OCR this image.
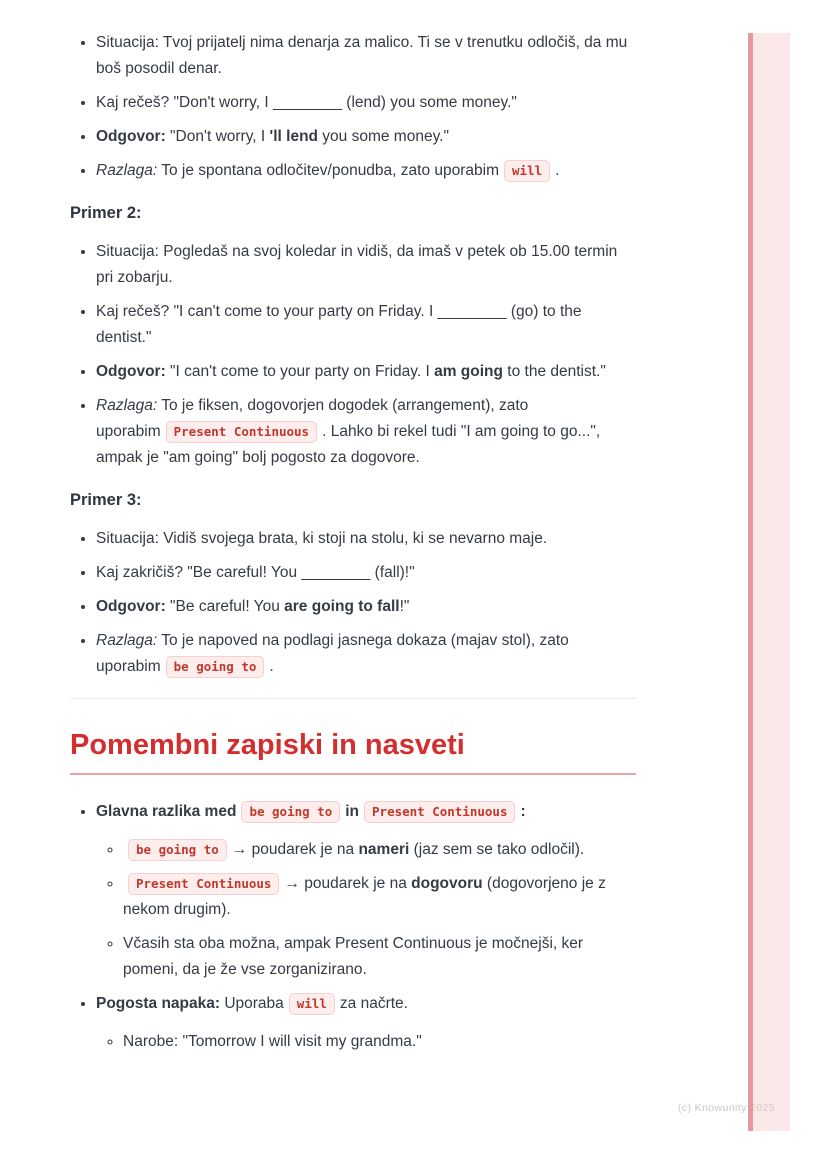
• Situacija: Tvoj prijatelj nima denarja za malico. Ti se v trenutku odločiš, da mu boš posodil denar.
• Kaj rečeš? "Don't worry, I ________ (lend) you some money."
• Odgovor: "Don't worry, I 'll lend you some money."
• Razlaga: To je spontana odločitev/ponudba, zato uporabim will .
Primer 2:
• Situacija: Pogledaš na svoj koledar in vidiš, da imaš v petek ob 15.00 termin pri zobarju.
• Kaj rečeš? "I can't come to your party on Friday. I ________ (go) to the dentist."
• Odgovor: "I can't come to your party on Friday. I am going to the dentist."
• Razlaga: To je fiksen, dogovorjen dogodek (arrangement), zato uporabim Present Continuous . Lahko bi rekel tudi "I am going to go...", ampak je "am going" bolj pogosto za dogovore.
Primer 3:
• Situacija: Vidiš svojega brata, ki stoji na stolu, ki se nevarno maje.
• Kaj zakričiš? "Be careful! You ________ (fall)!"
• Odgovor: "Be careful! You are going to fall!"
• Razlaga: To je napoved na podlagi jasnega dokaza (majav stol), zato uporabim be going to .
Pomembni zapiski in nasveti
• Glavna razlika med be going to in Present Continuous :
◦ be going to → poudarek je na nameri (jaz sem se tako odločil).
◦ Present Continuous → poudarek je na dogovoru (dogovorjeno je z nekom drugim).
◦ Včasih sta oba možna, ampak Present Continuous je močnejši, ker pomeni, da je že vse zorganizirano.
• Pogosta napaka: Uporaba will za načrte.
◦ Narobe: "Tomorrow I will visit my grandma."
(c) Knowunity 2025
